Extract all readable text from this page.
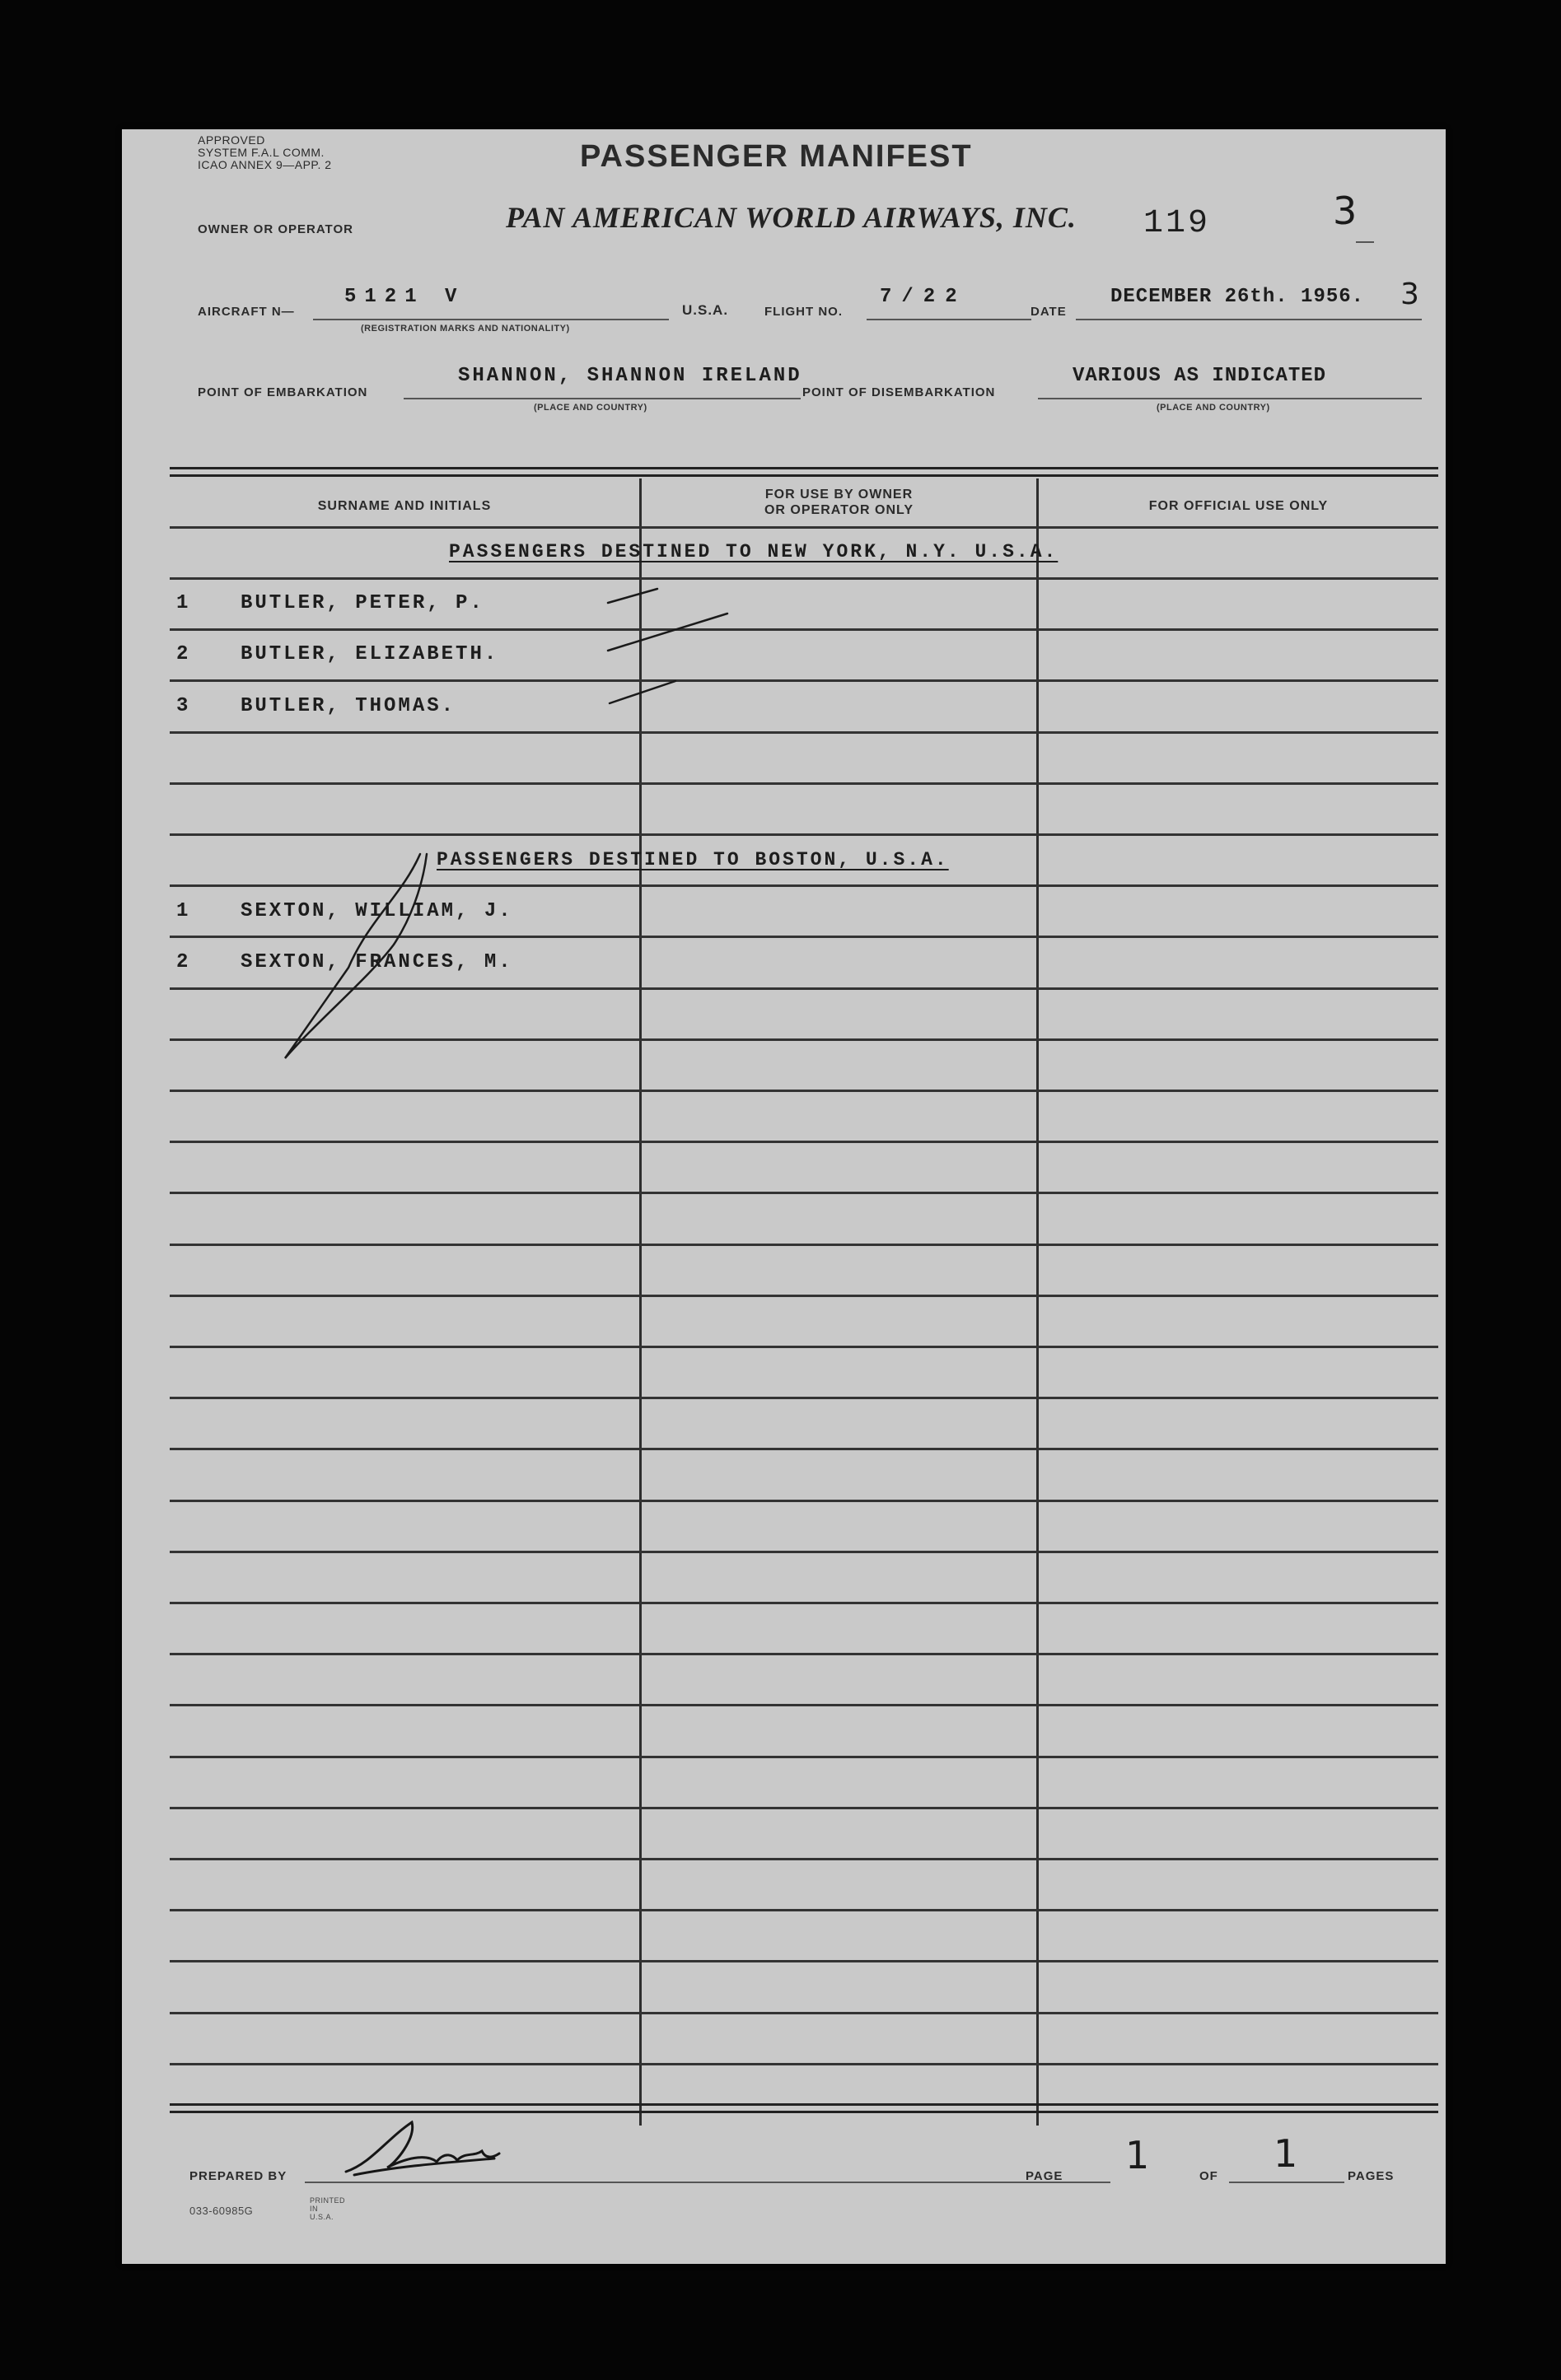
APPROVED
SYSTEM F.A.L COMM.
ICAO ANNEX 9—APP. 2	PASSENGER MANIFEST
OWNER OR OPERATOR	PAN AMERICAN WORLD AIRWAYS, INC. 119	3
AIRCRAFT N—
5121 V
(REGISTRATION MARKS AND NATIONALITY)
U.S.A.	FLIGHT NO.
7/22
DATE
DECEMBER 26th. 1956. 3
POINT OF EMBARKATION
SHANNON, SHANNON IRELAND
(PLACE AND COUNTRY)
POINT OF DISEMBARKATION
VARIOUS AS INDICATED
(PLACE AND COUNTRY)
SURNAME AND INITIALS
FOR USE BY OWNER
OR OPERATOR ONLY	FOR OFFICIAL USE ONLY
PASSENGERS DESTINED TO NEW YORK, N.Y. U.S.A.
1	BUTLER, PETER, P.
2	BUTLER, ELIZABETH.
3	BUTLER, THOMAS.
PASSENGERS DESTINED TO BOSTON, U.S.A.
1	SEXTON, WILLIAM, J.
2	SEXTON, FRANCES, M.
PREPARED BY	PAGE 1	OF
1
PAGES
033-60985G
PRINTED IN U.S.A.
